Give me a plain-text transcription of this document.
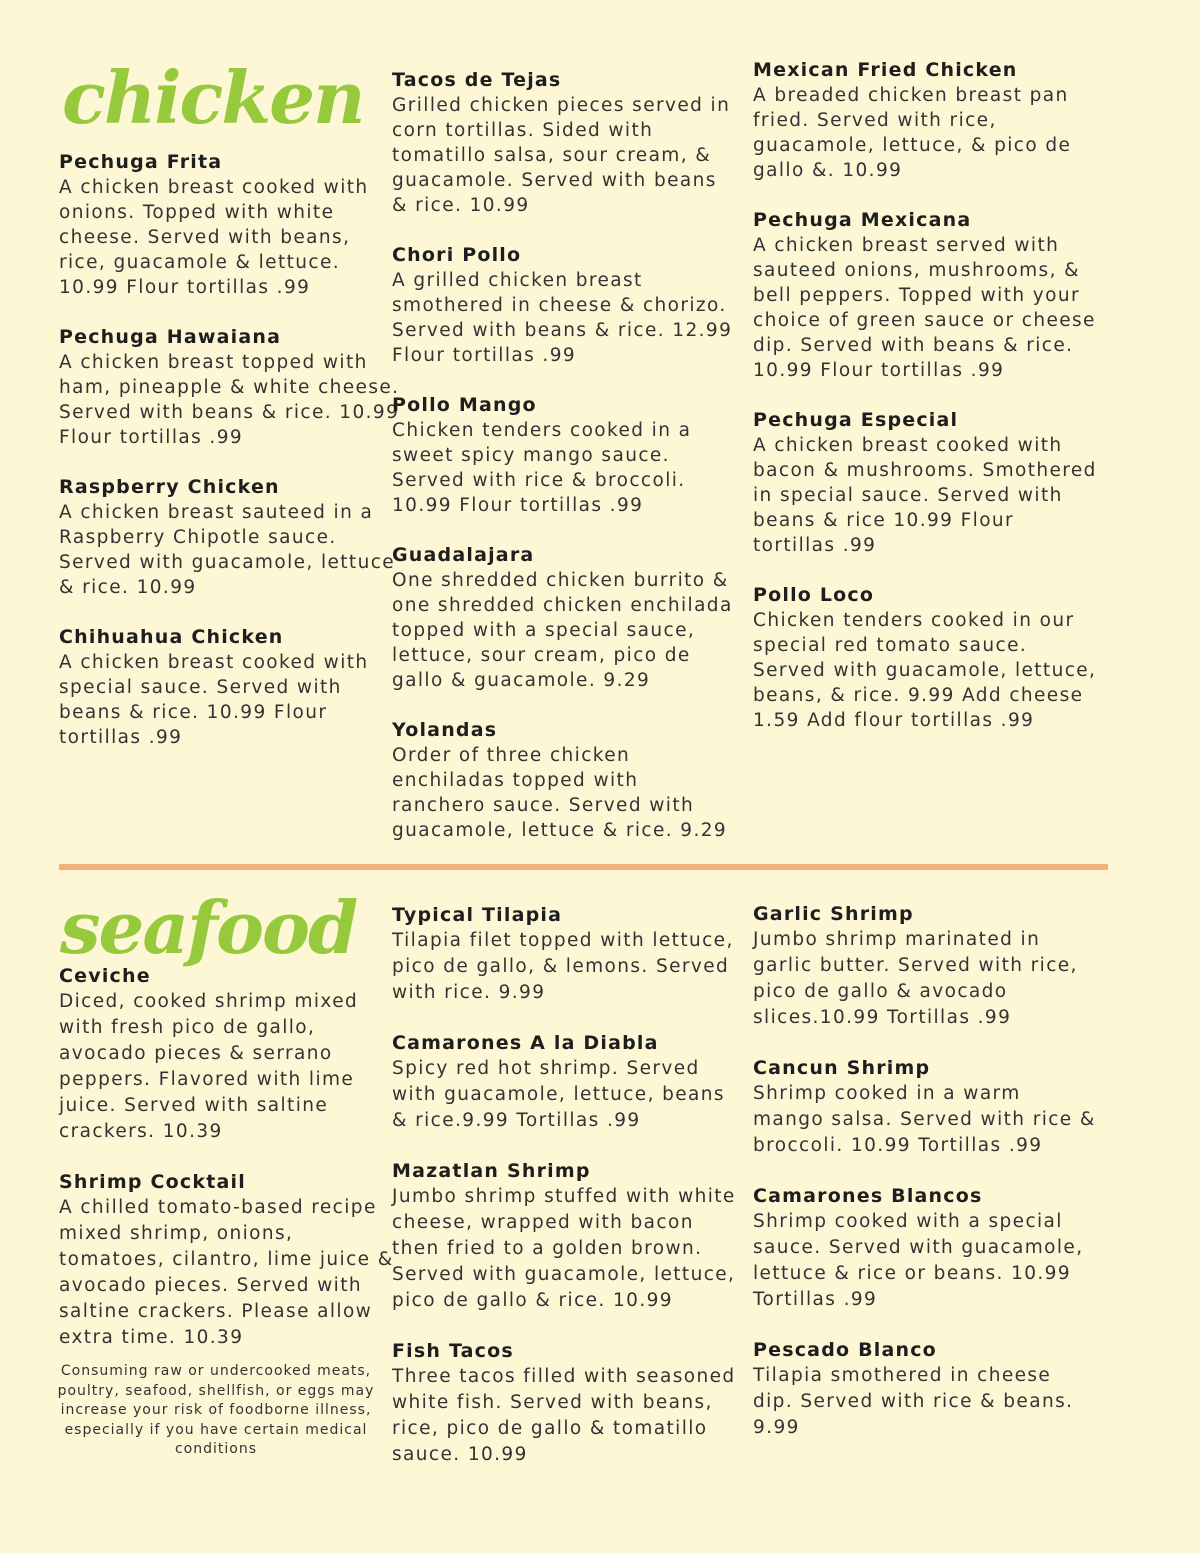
chicken
Pechuga Frita
A chicken breast cooked with onions. Topped with white cheese. Served with beans, rice, guacamole & lettuce. 10.99 Flour tortillas .99
Pechuga Hawaiana
A chicken breast topped with ham, pineapple & white cheese. Served with beans & rice. 10.99 Flour tortillas .99
Raspberry Chicken
A chicken breast sauteed in a Raspberry Chipotle sauce. Served with guacamole, lettuce & rice. 10.99
Chihuahua Chicken
A chicken breast cooked with special sauce. Served with beans & rice. 10.99 Flour tortillas .99
Tacos de Tejas
Grilled chicken pieces served in corn tortillas. Sided with tomatillo salsa, sour cream, & guacamole. Served with beans & rice. 10.99
Chori Pollo
A grilled chicken breast smothered in cheese & chorizo. Served with beans & rice. 12.99 Flour tortillas .99
Pollo Mango
Chicken tenders cooked in a sweet spicy mango sauce. Served with rice & broccoli. 10.99 Flour tortillas .99
Guadalajara
One shredded chicken burrito & one shredded chicken enchilada topped with a special sauce, lettuce, sour cream, pico de gallo & guacamole. 9.29
Yolandas
Order of three chicken enchiladas topped with ranchero sauce. Served with guacamole, lettuce & rice. 9.29
Mexican Fried Chicken
A breaded chicken breast pan fried. Served with rice, guacamole, lettuce, & pico de gallo &. 10.99
Pechuga Mexicana
A chicken breast served with sauteed onions, mushrooms, & bell peppers. Topped with your choice of green sauce or cheese dip. Served with beans & rice. 10.99 Flour tortillas .99
Pechuga Especial
A chicken breast cooked with bacon & mushrooms. Smothered in special sauce. Served with beans & rice 10.99 Flour tortillas .99
Pollo Loco
Chicken tenders cooked in our special red tomato sauce. Served with guacamole, lettuce, beans, & rice. 9.99 Add cheese 1.59 Add flour tortillas .99
seafood
Ceviche
Diced, cooked shrimp mixed with fresh pico de gallo, avocado pieces & serrano peppers. Flavored with lime juice. Served with saltine crackers. 10.39
Shrimp Cocktail
A chilled tomato-based recipe mixed shrimp, onions, tomatoes, cilantro, lime juice & avocado pieces. Served with saltine crackers. Please allow extra time. 10.39
Typical Tilapia
Tilapia filet topped with lettuce, pico de gallo, & lemons. Served with rice. 9.99
Camarones A la Diabla
Spicy red hot shrimp. Served with guacamole, lettuce, beans & rice.9.99 Tortillas .99
Mazatlan Shrimp
Jumbo shrimp stuffed with white cheese, wrapped with bacon then fried to a golden brown. Served with guacamole, lettuce, pico de gallo & rice. 10.99
Fish Tacos
Three tacos filled with seasoned white fish. Served with beans, rice, pico de gallo & tomatillo sauce. 10.99
Garlic Shrimp
Jumbo shrimp marinated in garlic butter. Served with rice, pico de gallo & avocado slices.10.99 Tortillas .99
Cancun Shrimp
Shrimp cooked in a warm mango salsa. Served with rice & broccoli. 10.99 Tortillas .99
Camarones Blancos
Shrimp cooked with a special sauce. Served with guacamole, lettuce & rice or beans. 10.99 Tortillas .99
Pescado Blanco
Tilapia smothered in cheese dip. Served with rice & beans. 9.99
Consuming raw or undercooked meats, poultry, seafood, shellfish, or eggs may increase your risk of foodborne illness, especially if you have certain medical conditions
